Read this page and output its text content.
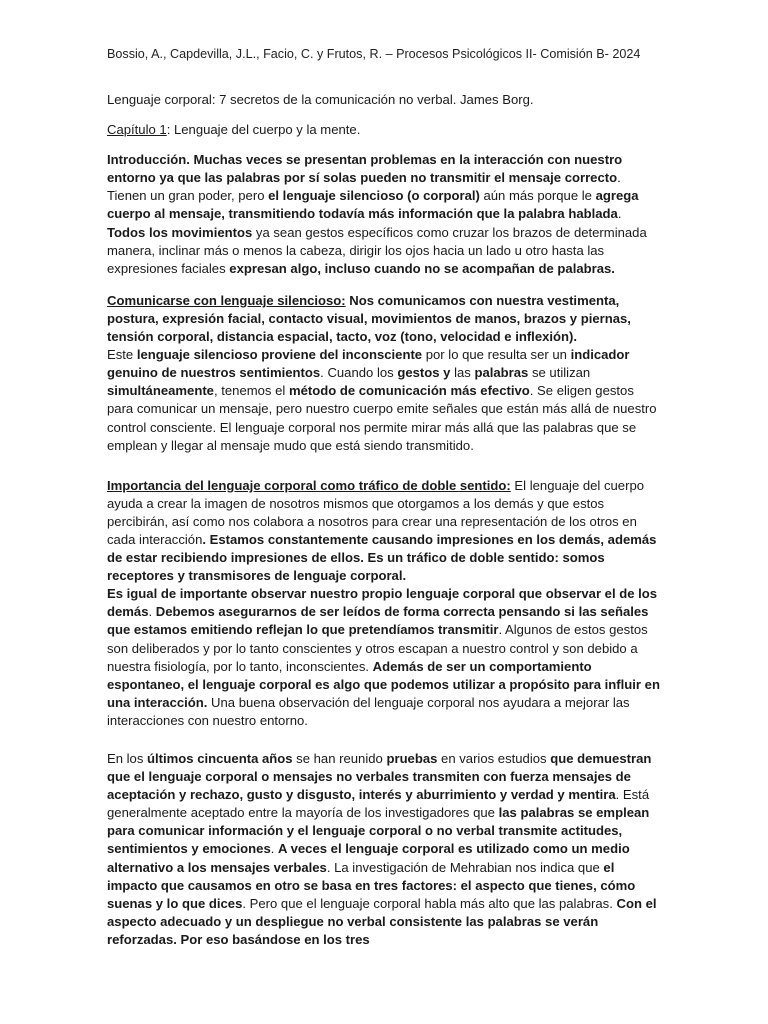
Bossio, A., Capdevilla, J.L., Facio, C. y Frutos, R. – Procesos Psicológicos II- Comisión B- 2024

Lenguaje corporal: 7 secretos de la comunicación no verbal. James Borg.

Capítulo 1: Lenguaje del cuerpo y la mente.

Introducción. Muchas veces se presentan problemas en la interacción con nuestro entorno ya que las palabras por sí solas pueden no transmitir el mensaje correcto. Tienen un gran poder, pero el lenguaje silencioso (o corporal) aún más porque le agrega cuerpo al mensaje, transmitiendo todavía más información que la palabra hablada. Todos los movimientos ya sean gestos específicos como cruzar los brazos de determinada manera, inclinar más o menos la cabeza, dirigir los ojos hacia un lado u otro hasta las expresiones faciales expresan algo, incluso cuando no se acompañan de palabras.

Comunicarse con lenguaje silencioso: Nos comunicamos con nuestra vestimenta, postura, expresión facial, contacto visual, movimientos de manos, brazos y piernas, tensión corporal, distancia espacial, tacto, voz (tono, velocidad e inflexión).
Este lenguaje silencioso proviene del inconsciente por lo que resulta ser un indicador genuino de nuestros sentimientos. Cuando los gestos y las palabras se utilizan simultáneamente, tenemos el método de comunicación más efectivo. Se eligen gestos para comunicar un mensaje, pero nuestro cuerpo emite señales que están más allá de nuestro control consciente. El lenguaje corporal nos permite mirar más allá que las palabras que se emplean y llegar al mensaje mudo que está siendo transmitido.

Importancia del lenguaje corporal como tráfico de doble sentido: El lenguaje del cuerpo ayuda a crear la imagen de nosotros mismos que otorgamos a los demás y que estos percibirán, así como nos colabora a nosotros para crear una representación de los otros en cada interacción. Estamos constantemente causando impresiones en los demás, además de estar recibiendo impresiones de ellos. Es un tráfico de doble sentido: somos receptores y transmisores de lenguaje corporal.
Es igual de importante observar nuestro propio lenguaje corporal que observar el de los demás. Debemos asegurarnos de ser leídos de forma correcta pensando si las señales que estamos emitiendo reflejan lo que pretendíamos transmitir. Algunos de estos gestos son deliberados y por lo tanto conscientes y otros escapan a nuestro control y son debido a nuestra fisiología, por lo tanto, inconscientes. Además de ser un comportamiento espontaneo, el lenguaje corporal es algo que podemos utilizar a propósito para influir en una interacción. Una buena observación del lenguaje corporal nos ayudara a mejorar las interacciones con nuestro entorno.

En los últimos cincuenta años se han reunido pruebas en varios estudios que demuestran que el lenguaje corporal o mensajes no verbales transmiten con fuerza mensajes de aceptación y rechazo, gusto y disgusto, interés y aburrimiento y verdad y mentira. Está generalmente aceptado entre la mayoría de los investigadores que las palabras se emplean para comunicar información y el lenguaje corporal o no verbal transmite actitudes, sentimientos y emociones. A veces el lenguaje corporal es utilizado como un medio alternativo a los mensajes verbales. La investigación de Mehrabian nos indica que el impacto que causamos en otro se basa en tres factores: el aspecto que tienes, cómo suenas y lo que dices. Pero que el lenguaje corporal habla más alto que las palabras. Con el aspecto adecuado y un despliegue no verbal consistente las palabras se verán reforzadas. Por eso basándose en los tres
